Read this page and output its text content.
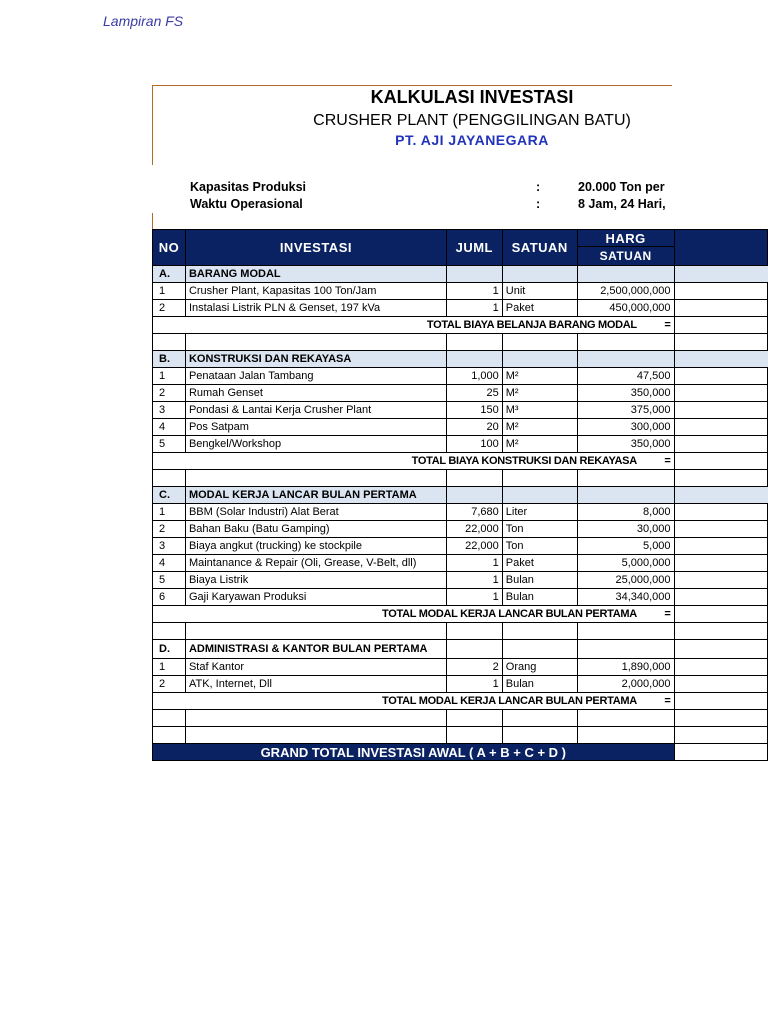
Lampiran FS
KALKULASI INVESTASI
CRUSHER PLANT (PENGGILINGAN BATU)
PT. AJI JAYANEGARA
Kapasitas Produksi	:	20.000 Ton per
Waktu Operasional	:	8 Jam, 24 Hari,
NO	INVESTASI	JUML	SATUAN	HARG	
				SATUAN	
A.	BARANG MODAL				
1	Crusher Plant, Kapasitas 100 Ton/Jam	1	Unit	2,500,000,000	
2	Instalasi Listrik PLN & Genset, 197 kVa	1	Paket	450,000,000	
TOTAL BIAYA BELANJA BARANG MODAL =					

B.	KONSTRUKSI DAN REKAYASA				
1	Penataan Jalan Tambang	1,000	M²	47,500	
2	Rumah Genset	25	M²	350,000	
3	Pondasi & Lantai Kerja Crusher Plant	150	M³	375,000	
4	Pos Satpam	20	M²	300,000	
5	Bengkel/Workshop	100	M²	350,000	
TOTAL BIAYA KONSTRUKSI DAN REKAYASA =					

C.	MODAL KERJA LANCAR BULAN PERTAMA				
1	BBM (Solar Industri) Alat Berat	7,680	Liter	8,000	
2	Bahan Baku (Batu Gamping)	22,000	Ton	30,000	
3	Biaya angkut (trucking) ke stockpile	22,000	Ton	5,000	
4	Maintanance & Repair (Oli, Grease, V-Belt, dll)	1	Paket	5,000,000	
5	Biaya Listrik	1	Bulan	25,000,000	
6	Gaji Karyawan Produksi	1	Bulan	34,340,000	
TOTAL MODAL KERJA LANCAR BULAN PERTAMA =					

D.	ADMINISTRASI & KANTOR BULAN PERTAMA				
1	Staf Kantor	2	Orang	1,890,000	
2	ATK, Internet, Dll	1	Bulan	2,000,000	
TOTAL MODAL KERJA LANCAR BULAN PERTAMA =					

GRAND TOTAL INVESTASI AWAL ( A + B + C + D )					
